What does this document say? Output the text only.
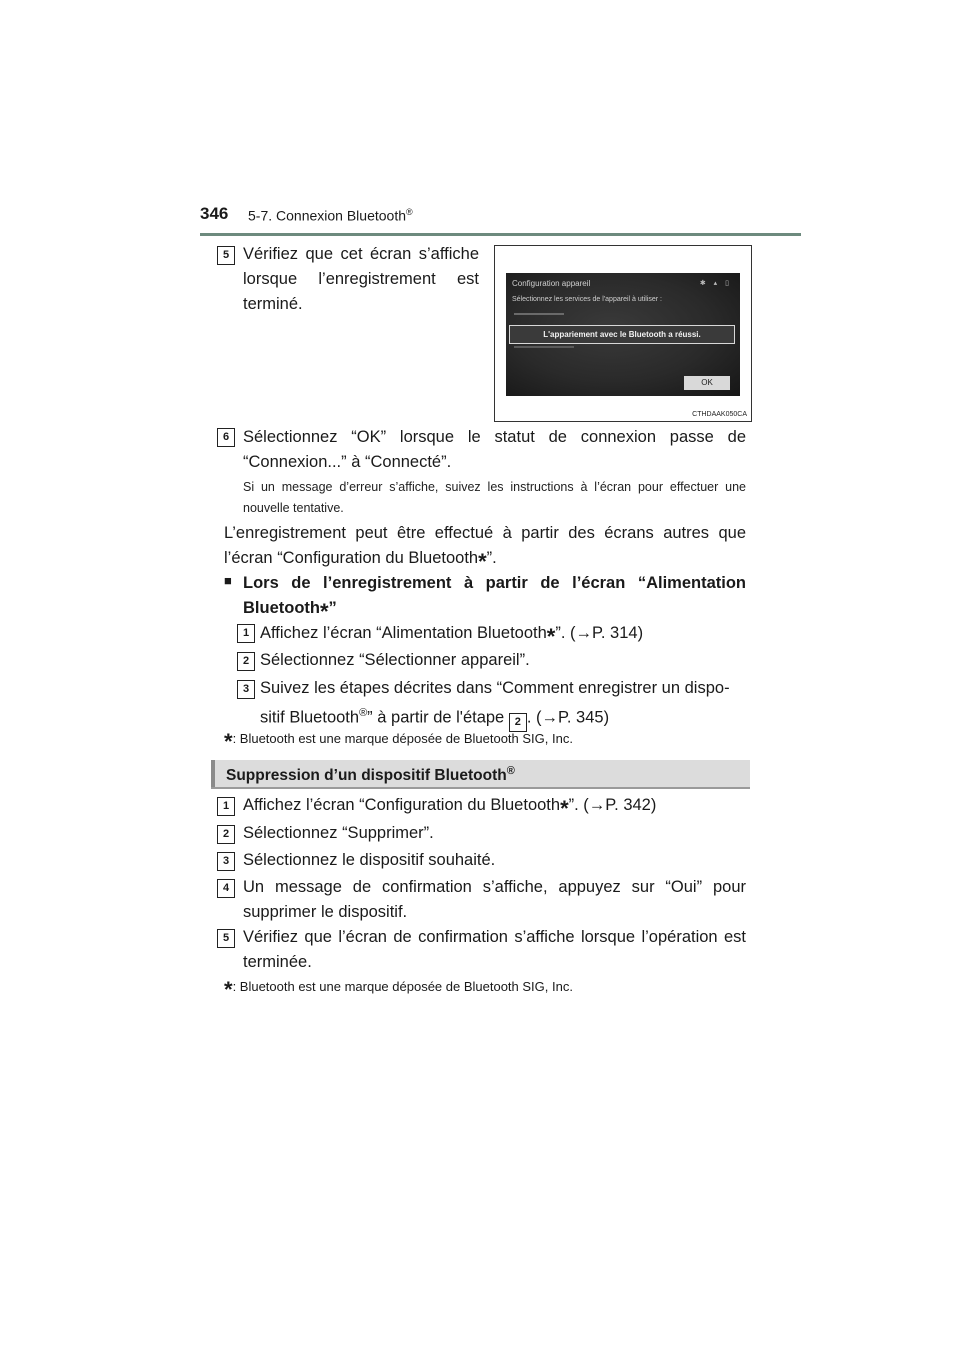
346 5-7. Connexion Bluetooth®
5 Vérifiez que cet écran s’affiche lorsque l’enregistrement est terminé.
Configuration appareil	✱ ▴ ▯
Sélectionnez les services de l'appareil à utiliser :
L'appariement avec le Bluetooth a réussi.
OK
CTHDAAK050CA
6 Sélectionnez “OK” lorsque le statut de connexion passe de “Connexion...” à “Connecté”.
Si un message d’erreur s’affiche, suivez les instructions à l’écran pour effectuer une nouvelle tentative.
L’enregistrement peut être effectué à partir des écrans autres que l’écran “Configuration du Bluetooth*”.
■ Lors de l’enregistrement à partir de l’écran “Alimentation Bluetooth*”
1 Affichez l’écran “Alimentation Bluetooth*”. (→P. 314)
2 Sélectionnez “Sélectionner appareil”.
3 Suivez les étapes décrites dans “Comment enregistrer un dispo-
sitif Bluetooth®” à partir de l'étape 2 . (→P. 345)
*: Bluetooth est une marque déposée de Bluetooth SIG, Inc.
Suppression d’un dispositif Bluetooth®
1 Affichez l’écran “Configuration du Bluetooth*”. (→P. 342)
2 Sélectionnez “Supprimer”.
3 Sélectionnez le dispositif souhaité.
4 Un message de confirmation s’affiche, appuyez sur “Oui” pour supprimer le dispositif.
5 Vérifiez que l’écran de confirmation s’affiche lorsque l’opération est terminée.
*: Bluetooth est une marque déposée de Bluetooth SIG, Inc.
